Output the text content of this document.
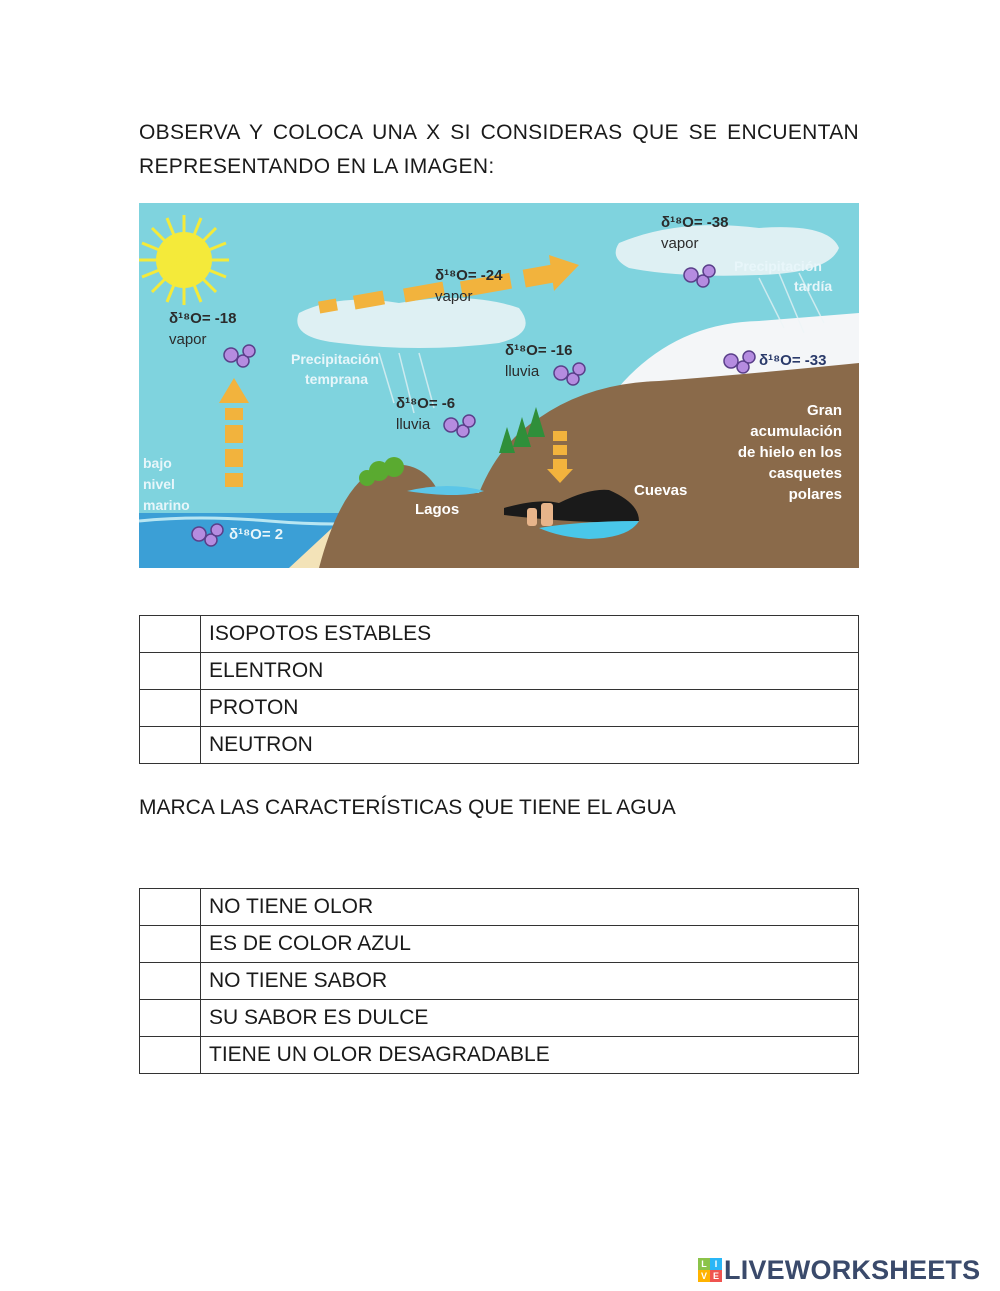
OBSERVA Y COLOCA UNA X SI CONSIDERAS QUE SE ENCUENTAN REPRESENTANDO EN LA IMAGEN:
δ¹⁸O= -18
vapor
δ¹⁸O= -24
vapor
δ¹⁸O= -38
vapor
Precipitación
tardía
Precipitación
temprana
δ¹⁸O= -16
lluvia
δ¹⁸O= -6
lluvia
δ¹⁸O= -33
Gran
acumulación
de hielo en los
casquetes
polares
bajo
nivel
marino
δ¹⁸O= 2
Lagos
Cuevas
	ISOPOTOS ESTABLES
	ELENTRON
	PROTON
	NEUTRON
MARCA LAS CARACTERÍSTICAS QUE TIENE EL AGUA
	NO TIENE OLOR
	ES DE COLOR AZUL
	NO TIENE SABOR
	SU SABOR ES DULCE
	TIENE UN OLOR DESAGRADABLE
L I
V E LIVEWORKSHEETS
